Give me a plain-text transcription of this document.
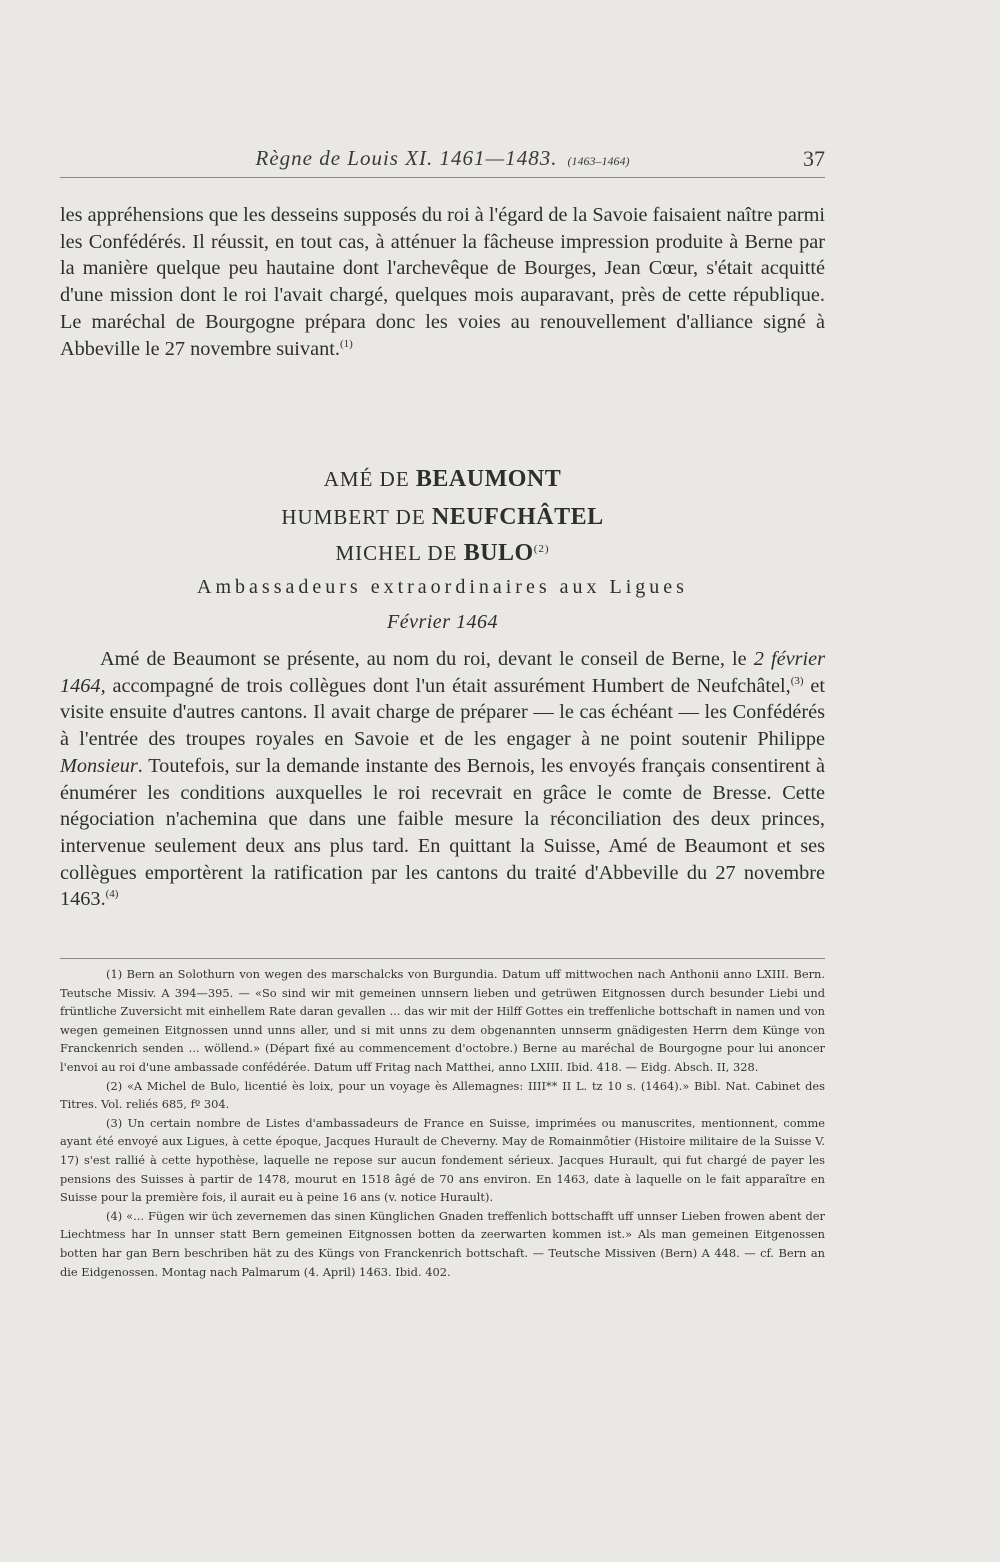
Règne de Louis XI. 1461—1483. (1463–1464)	37

les appréhensions que les desseins supposés du roi à l'égard de la Savoie faisaient naître parmi les Confédérés. Il réussit, en tout cas, à atténuer la fâcheuse impression produite à Berne par la manière quelque peu hautaine dont l'archevêque de Bourges, Jean Cœur, s'était acquitté d'une mission dont le roi l'avait chargé, quelques mois auparavant, près de cette république. Le maréchal de Bourgogne prépara donc les voies au renouvellement d'alliance signé à Abbeville le 27 novembre suivant.$^{(1)}$

AMÉ DE BEAUMONT
HUMBERT DE NEUFCHÂTEL
MICHEL DE BULO$^{(2)}$
Ambassadeurs extraordinaires aux Ligues
Février 1464

Amé de Beaumont se présente, au nom du roi, devant le conseil de Berne, le 2 février 1464, accompagné de trois collègues dont l'un était assurément Humbert de Neufchâtel,$^{(3)}$ et visite ensuite d'autres cantons. Il avait charge de préparer — le cas échéant — les Confédérés à l'entrée des troupes royales en Savoie et de les engager à ne point soutenir Philippe Monsieur. Toutefois, sur la demande instante des Bernois, les envoyés français consentirent à énumérer les conditions auxquelles le roi recevrait en grâce le comte de Bresse. Cette négociation n'achemina que dans une faible mesure la réconciliation des deux princes, intervenue seulement deux ans plus tard. En quittant la Suisse, Amé de Beaumont et ses collègues emportèrent la ratification par les cantons du traité d'Abbeville du 27 novembre 1463.$^{(4)}$

(1) Bern an Solothurn von wegen des marschalcks von Burgundia. Datum uff mittwochen nach Anthonii anno LXIII. Bern. Teutsche Missiv. A 394—395. — «So sind wir mit gemeinen unnsern lieben und getrüwen Eitgnossen durch besunder Liebi und früntliche Zuversicht mit einhellem Rate daran gevallen ... das wir mit der Hilff Gottes ein treffenliche bottschaft in namen und von wegen gemeinen Eitgnossen unnd unns aller, und si mit unns zu dem obgenannten unnserm gnädigesten Herrn dem Künge von Franckenrich senden ... wöllend.» (Départ fixé au commencement d'octobre.) Berne au maréchal de Bourgogne pour lui anoncer l'envoi au roi d'une ambassade confédérée. Datum uff Fritag nach Matthei, anno LXIII. Ibid. 418. — Eidg. Absch. II, 328.

(2) «A Michel de Bulo, licentié ès loix, pour un voyage ès Allemagnes: IIII** II L. tz 10 s. (1464).» Bibl. Nat. Cabinet des Titres. Vol. reliés 685, fº 304.

(3) Un certain nombre de Listes d'ambassadeurs de France en Suisse, imprimées ou manuscrites, mentionnent, comme ayant été envoyé aux Ligues, à cette époque, Jacques Hurault de Cheverny. May de Romainmôtier (Histoire militaire de la Suisse V. 17) s'est rallié à cette hypothèse, laquelle ne repose sur aucun fondement sérieux. Jacques Hurault, qui fut chargé de payer les pensions des Suisses à partir de 1478, mourut en 1518 âgé de 70 ans environ. En 1463, date à laquelle on le fait apparaître en Suisse pour la première fois, il aurait eu à peine 16 ans (v. notice Hurault).

(4) «... Fügen wir üch zevernemen das sinen Künglichen Gnaden treffenlich bottschafft uff unnser Lieben frowen abent der Liechtmess har In unnser statt Bern gemeinen Eitgnossen botten da zeerwarten kommen ist.» Als man gemeinen Eitgenossen botten har gan Bern beschriben hät zu des Küngs von Franckenrich bottschaft. — Teutsche Missiven (Bern) A 448. — cf. Bern an die Eidgenossen. Montag nach Palmarum (4. April) 1463. Ibid. 402.
